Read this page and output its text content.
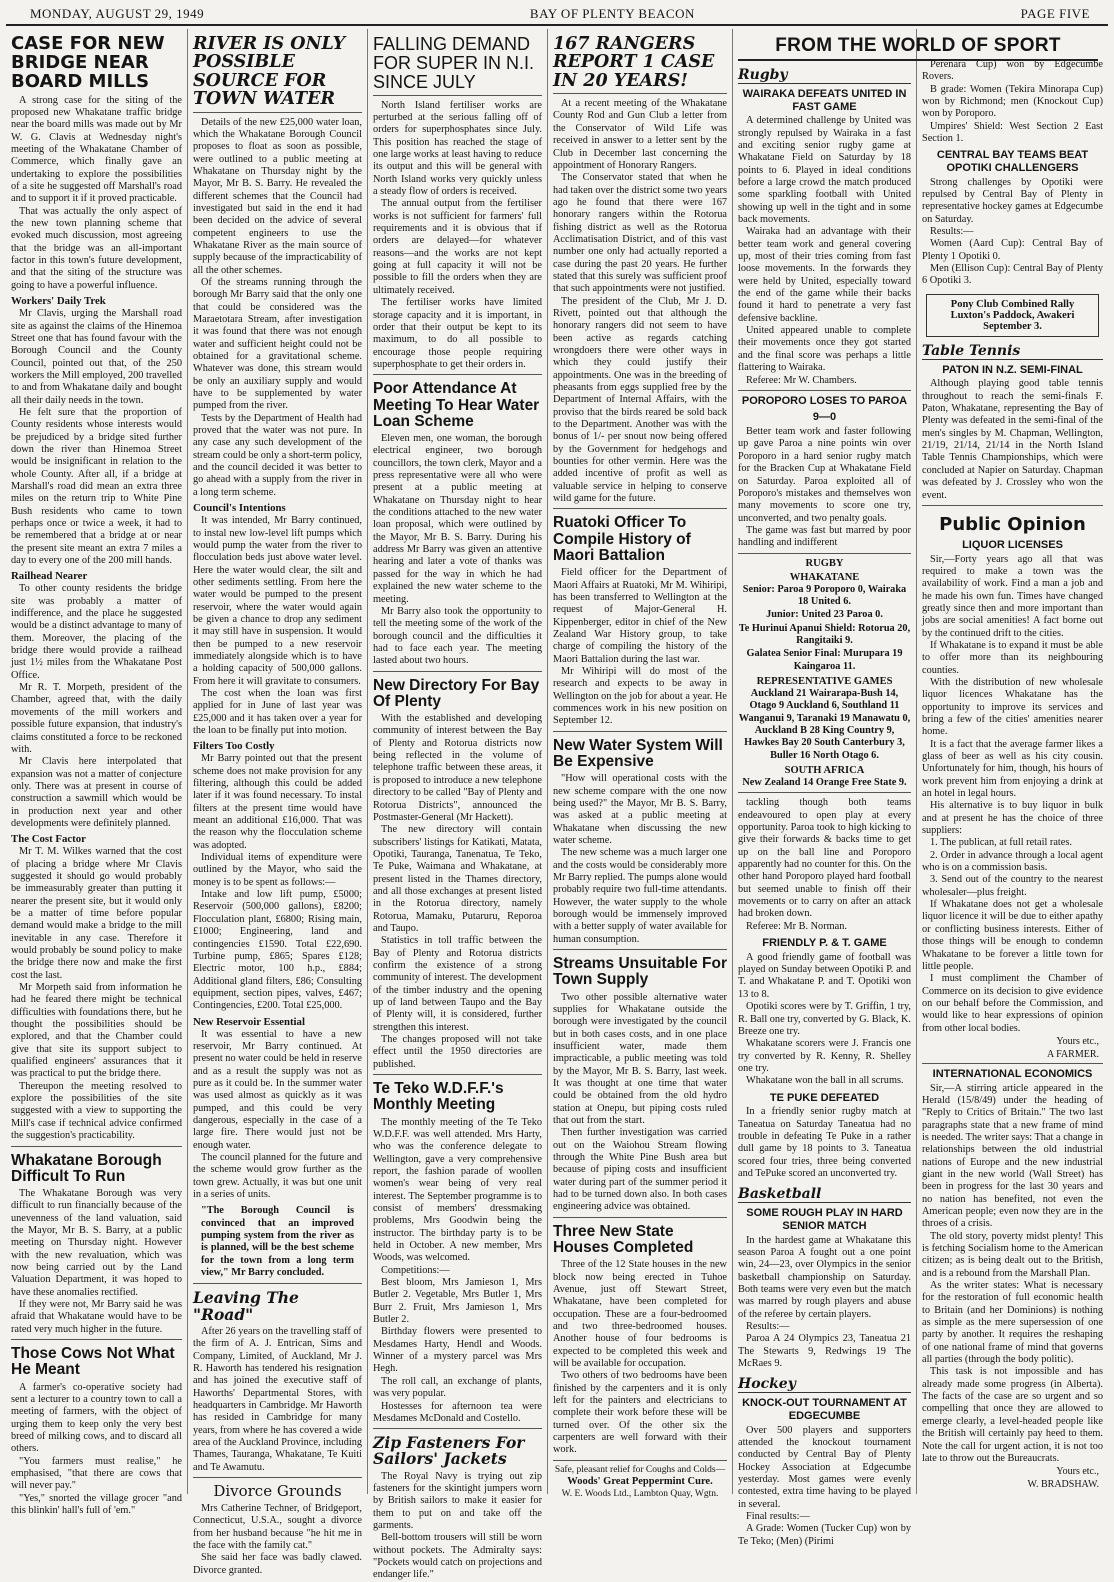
MONDAY, AUGUST 29, 1949	BAY OF PLENTY BEACON	PAGE FIVE
CASE FOR NEW BRIDGE NEAR BOARD MILLS

A strong case for the siting of the proposed new Whakatane traffic bridge near the board mills was made out by Mr W. G. Clavis at Wednesday night's meeting of the Whakatane Chamber of Commerce, which finally gave an undertaking to explore the possibilities of a site he suggested off Marshall's road and to support it if it proved practicable.

That was actually the only aspect of the new town planning scheme that evoked much discussion, most agreeing that the bridge was an all-important factor in this town's future development, and that the siting of the structure was going to have a powerful influence.

Workers' Daily Trek

Mr Clavis, urging the Marshall road site as against the claims of the Hinemoa Street one that has found favour with the Borough Council and the County Council, pointed out that, of the 250 workers the Mill employed, 200 travelled to and from Whakatane daily and bought all their daily needs in the town.

He felt sure that the proportion of County residents whose interests would be prejudiced by a bridge sited further down the river than Hinemoa Street would be insignificant in relation to the whole County. After all, if a bridge at Marshall's road did mean an extra three miles on the return trip to White Pine Bush residents who came to town perhaps once or twice a week, it had to be remembered that a bridge at or near the present site meant an extra 7 miles a day to every one of the 200 mill hands.

Railhead Nearer

To other county residents the bridge site was probably a matter of indifference, and the place he suggested would be a distinct advantage to many of them. Moreover, the placing of the bridge there would provide a railhead just 1½ miles from the Whakatane Post Office.

Mr R. T. Morpeth, president of the Chamber, agreed that, with the daily movements of the mill workers and possible future expansion, that industry's claims constituted a force to be reckoned with.

Mr Clavis here interpolated that expansion was not a matter of conjecture only. There was at present in course of construction a sawmill which would be in production next year and other developments were definitely planned.

The Cost Factor

Mr T. M. Wilkes warned that the cost of placing a bridge where Mr Clavis suggested it should go would probably be immeasurably greater than putting it nearer the present site, but it would only be a matter of time before popular demand would make a bridge to the mill inevitable in any case. Therefore it would probably be sound policy to make the bridge there now and make the first cost the last.

Mr Morpeth said from information he had he feared there might be technical difficulties with foundations there, but he thought the possibilities should be explored, and that the Chamber could give that site its support subject to qualified engineers' assurances that it was practical to put the bridge there.

Thereupon the meeting resolved to explore the possibilities of the site suggested with a view to supporting the Mill's case if technical advice confirmed the suggestion's practicability.

Whakatane Borough Difficult To Run

The Whakatane Borough was very difficult to run financially because of the unevenness of the land valuation, said the Mayor, Mr B. S. Barry, at a public meeting on Thursday night. However with the new revaluation, which was now being carried out by the Land Valuation Department, it was hoped to have these anomalies rectified.

If they were not, Mr Barry said he was afraid that Whakatane would have to be rated very much higher in the future.

Those Cows Not What He Meant

A farmer's co-operative society had sent a lecturer to a country town to call a meeting of farmers, with the object of urging them to keep only the very best breed of milking cows, and to discard all others.

"You farmers must realise," he emphasised, "that there are cows that will never pay."

"Yes," snorted the village grocer "and this blinkin' hall's full of 'em."

RIVER IS ONLY POSSIBLE SOURCE FOR TOWN WATER

Details of the new £25,000 water loan, which the Whakatane Borough Council proposes to float as soon as possible, were outlined to a public meeting at Whakatane on Thursday night by the Mayor, Mr B. S. Barry. He revealed the different schemes that the Council had investigated but said in the end it had been decided on the advice of several competent engineers to use the Whakatane River as the main source of supply because of the impracticability of all the other schemes.

Of the streams running through the borough Mr Barry said that the only one that could be considered was the Maraetotara Stream, after investigation it was found that there was not enough water and sufficient height could not be obtained for a gravitational scheme. Whatever was done, this stream would be only an auxiliary supply and would have to be supplemented by water pumped from the river.

Tests by the Department of Health had proved that the water was not pure. In any case any such development of the stream could be only a short-term policy, and the council decided it was better to go ahead with a supply from the river in a long term scheme.

Council's Intentions

It was intended, Mr Barry continued, to instal new low-level lift pumps which would pump the water from the river to flocculation beds just above water level. Here the water would clear, the silt and other sediments settling. From here the water would be pumped to the present reservoir, where the water would again be given a chance to drop any sediment it may still have in suspension. It would then be pumped to a new reservoir immediately alongside which is to have a holding capacity of 500,000 gallons. From here it will gravitate to consumers.

The cost when the loan was first applied for in June of last year was £25,000 and it has taken over a year for the loan to be finally put into motion.

Filters Too Costly

Mr Barry pointed out that the present scheme does not make provision for any filtering, although this could be added later if it was found necessary. To instal filters at the present time would have meant an additional £16,000. That was the reason why the flocculation scheme was adopted.

Individual items of expenditure were outlined by the Mayor, who said the money is to be spent as follows:—

Intake and low lift pump, £5000; Reservoir (500,000 gallons), £8200; Flocculation plant, £6800; Rising main, £1000; Engineering, land and contingencies £1590. Total £22,690. Turbine pump, £865; Spares £128; Electric motor, 100 h.p., £884; Additional gland filters, £86; Consulting equipment, section pipes, valves, £467; Contingencies, £200. Total £25,000.

New Reservoir Essential

It was essential to have a new reservoir, Mr Barry continued. At present no water could be held in reserve and as a result the supply was not as pure as it could be. In the summer water was used almost as quickly as it was pumped, and this could be very dangerous, especially in the case of a large fire. There would just not be enough water.

The council planned for the future and the scheme would grow further as the town grew. Actually, it was but one unit in a series of units.

"The Borough Council is convinced that an improved pumping system from the river as is planned, will be the best scheme for the town from a long term view," Mr Barry concluded.
Leaving The "Road"

After 26 years on the travelling staff of the firm of A. J. Entrican, Sims and Company, Limited, of Auckland, Mr J. R. Haworth has tendered his resignation and has joined the executive staff of Haworths' Departmental Stores, with headquarters in Cambridge. Mr Haworth has resided in Cambridge for many years, from where he has covered a wide area of the Auckland Province, including Thames, Tauranga, Whakatane, Te Kuiti and Te Awamutu.

Divorce Grounds

Mrs Catherine Techner, of Bridgeport, Connecticut, U.S.A., sought a divorce from her husband because "he hit me in the face with the family cat."

She said her face was badly clawed. Divorce granted.

FALLING DEMAND FOR SUPER IN N.I. SINCE JULY

North Island fertiliser works are perturbed at the serious falling off of orders for superphosphates since July. This position has reached the stage of one large works at least having to reduce its output and this will be general with North Island works very quickly unless a steady flow of orders is received.

The annual output from the fertiliser works is not sufficient for farmers' full requirements and it is obvious that if orders are delayed—for whatever reasons—and the works are not kept going at full capacity it will not be possible to fill the orders when they are ultimately received.

The fertiliser works have limited storage capacity and it is important, in order that their output be kept to its maximum, to do all possible to encourage those people requiring superphosphate to get their orders in.

Poor Attendance At Meeting To Hear Water Loan Scheme

Eleven men, one woman, the borough electrical engineer, two borough councillors, the town clerk, Mayor and a press representative were all who were present at a public meeting at Whakatane on Thursday night to hear the conditions attached to the new water loan proposal, which were outlined by the Mayor, Mr B. S. Barry. During his address Mr Barry was given an attentive hearing and later a vote of thanks was passed for the way in which he had explained the new water scheme to the meeting.

Mr Barry also took the opportunity to tell the meeting some of the work of the borough council and the difficulties it had to face each year. The meeting lasted about two hours.

New Directory For Bay Of Plenty

With the established and developing community of interest between the Bay of Plenty and Rotorua districts now being reflected in the volume of telephone traffic between these areas, it is proposed to introduce a new telephone directory to be called "Bay of Plenty and Rotorua Districts", announced the Postmaster-General (Mr Hackett).

The new directory will contain subscribers' listings for Katikati, Matata, Opotiki, Tauranga, Tanenatua, Te Teko, Te Puke, Waimana and Whakatane, at present listed in the Thames directory, and all those exchanges at present listed in the Rotorua directory, namely Rotorua, Mamaku, Putaruru, Reporoa and Taupo.

Statistics in toll traffic between the Bay of Plenty and Rotorua districts confirm the existence of a strong community of interest. The development of the timber industry and the opening up of land between Taupo and the Bay of Plenty will, it is considered, further strengthen this interest.

The changes proposed will not take effect until the 1950 directories are published.

Te Teko W.D.F.F.'s Monthly Meeting

The monthly meeting of the Te Teko W.D.F.F. was well attended. Mrs Harty, who was the conference delegate to Wellington, gave a very comprehensive report, the fashion parade of woollen women's wear being of very real interest. The September programme is to consist of members' dressmaking problems, Mrs Goodwin being the instructor. The birthday party is to be held in October. A new member, Mrs Woods, was welcomed.

Competitions:—

Best bloom, Mrs Jamieson 1, Mrs Butler 2. Vegetable, Mrs Butler 1, Mrs Burr 2. Fruit, Mrs Jamieson 1, Mrs Butler 2.

Birthday flowers were presented to Mesdames Harty, Hendl and Woods. Winner of a mystery parcel was Mrs Hegh.

The roll call, an exchange of plants, was very popular.

Hostesses for afternoon tea were Mesdames McDonald and Costello.

Zip Fasteners For Sailors' Jackets

The Royal Navy is trying out zip fasteners for the skintight jumpers worn by British sailors to make it easier for them to put on and take off the garments.

Bell-bottom trousers will still be worn without pockets. The Admiralty says: "Pockets would catch on projections and endanger life."

167 RANGERS REPORT 1 CASE IN 20 YEARS!

At a recent meeting of the Whakatane County Rod and Gun Club a letter from the Conservator of Wild Life was received in answer to a letter sent by the Club in December last concerning the appointment of Honorary Rangers.

The Conservator stated that when he had taken over the district some two years ago he found that there were 167 honorary rangers within the Rotorua fishing district as well as the Rotorua Acclimatisation District, and of this vast number one only had actually reported a case during the past 20 years. He further stated that this surely was sufficient proof that such appointments were not justified.

The president of the Club, Mr J. D. Rivett, pointed out that although the honorary rangers did not seem to have been active as regards catching wrongdoers there were other ways in which they could justify their appointments. One was in the breeding of pheasants from eggs supplied free by the Department of Internal Affairs, with the proviso that the birds reared be sold back to the Department. Another was with the bonus of 1/- per snout now being offered by the Government for hedgehogs and bounties for other vermin. Here was the added incentive of profit as well as valuable service in helping to conserve wild game for the future.

Ruatoki Officer To Compile History of Maori Battalion

Field officer for the Department of Maori Affairs at Ruatoki, Mr M. Wihiripi, has been transferred to Wellington at the request of Major-General H. Kippenberger, editor in chief of the New Zealand War History group, to take charge of compiling the history of the Maori Battalion during the last war.

Mr Wihiripi will do most of the research and expects to be away in Wellington on the job for about a year. He commences work in his new position on September 12.

New Water System Will Be Expensive

"How will operational costs with the new scheme compare with the one now being used?" the Mayor, Mr B. S. Barry, was asked at a public meeting at Whakatane when discussing the new water scheme.

The new scheme was a much larger one and the costs would be considerably more Mr Barry replied. The pumps alone would probably require two full-time attendants. However, the water supply to the whole borough would be immensely improved with a better supply of water available for human consumption.

Streams Unsuitable For Town Supply

Two other possible alternative water supplies for Whakatane outside the borough were investigated by the council but in both cases costs, and in one place insufficient water, made them impracticable, a public meeting was told by the Mayor, Mr B. S. Barry, last week. It was thought at one time that water could be obtained from the old hydro station at Onepu, but piping costs ruled that out from the start.

Then further investigation was carried out on the Waiohou Stream flowing through the White Pine Bush area but because of piping costs and insufficient water during part of the summer period it had to be turned down also. In both cases engineering advice was obtained.

Three New State Houses Completed

Three of the 12 State houses in the new block now being erected in Tuhoe Avenue, just off Stewart Street, Whakatane, have been completed for occupation. These are a four-bedroomed and two three-bedroomed houses. Another house of four bedrooms is expected to be completed this week and will be available for occupation.

Two others of two bedrooms have been finished by the carpenters and it is only left for the painters and electricians to complete their work before these will be turned over. Of the other six the carpenters are well forward with their work.

Safe, pleasant relief for Coughs and Colds—
Woods' Great Peppermint Cure.
W. E. Woods Ltd., Lambton Quay, Wgtn.
FROM THE WORLD OF SPORT
Rugby
WAIRAKA DEFEATS UNITED IN FAST GAME

A determined challenge by United was strongly repulsed by Wairaka in a fast and exciting senior rugby game at Whakatane Field on Saturday by 18 points to 6. Played in ideal conditions before a large crowd the match produced some sparkling football with United showing up well in the tight and in some back movements.

Wairaka had an advantage with their better team work and general covering up, most of their tries coming from fast loose movements. In the forwards they were held by United, especially toward the end of the game while their backs found it hard to penetrate a very fast defensive backline.

United appeared unable to complete their movements once they got started and the final score was perhaps a little flattering to Wairaka.

Referee: Mr W. Chambers.

POROPORO LOSES TO PAROA
9—0

Better team work and faster following up gave Paroa a nine points win over Poroporo in a hard senior rugby match for the Bracken Cup at Whakatane Field on Saturday. Paroa exploited all of Poroporo's mistakes and themselves won many movements to score one try, unconverted, and two penalty goals.

The game was fast but marred by poor handling and indifferent

RUGBY
WHAKATANE
Senior: Paroa 9 Poroporo 0, Wairaka 18 United 6.
Junior: United 23 Paroa 0.
Te Hurinui Apanui Shield: Rotorua 20, Rangitaiki 9.
Galatea Senior Final: Murupara 19 Kaingaroa 11.
REPRESENTATIVE GAMES
Auckland 21 Wairarapa-Bush 14, Otago 9 Auckland 6, Southland 11 Wanganui 9, Taranaki 19 Manawatu 0, Auckland B 28 King Country 9, Hawkes Bay 20 South Canterbury 3, Buller 16 North Otago 6.
SOUTH AFRICA
New Zealand 14 Orange Free State 9.

tackling though both teams endeavoured to open play at every opportunity. Paroa took to high kicking to give their forwards & backs time to get up on the ball line and Poroporo apparently had no counter for this. On the other hand Poroporo played hard football but seemed unable to finish off their movements or to carry on after an attack had broken down.

Referee: Mr B. Norman.

FRIENDLY P. & T. GAME

A good friendly game of football was played on Sunday between Opotiki P. and T. and Whakatane P. and T. Opotiki won 13 to 8.

Opotiki scores were by T. Griffin, 1 try, R. Ball one try, converted by G. Black, K. Breeze one try.

Whakatane scorers were J. Francis one try converted by R. Kenny, R. Shelley one try.

Whakatane won the ball in all scrums.

TE PUKE DEFEATED

In a friendly senior rugby match at Taneatua on Saturday Taneatua had no trouble in defeating Te Puke in a rather dull game by 18 points to 3. Taneatua scored four tries, three being converted and TePuke scored an unconverted try.

Basketball
SOME ROUGH PLAY IN HARD SENIOR MATCH

In the hardest game at Whakatane this season Paroa A fought out a one point win, 24—23, over Olympics in the senior basketball championship on Saturday. Both teams were very even but the match was marred by rough players and abuse of the referee by certain players.

Results:—

Paroa A 24 Olympics 23, Taneatua 21 The Stewarts 9, Redwings 19 The McRaes 9.

Hockey
KNOCK-OUT TOURNAMENT AT EDGECUMBE

Over 500 players and supporters attended the knockout tournament conducted by Central Bay of Plenty Hockey Association at Edgecumbe yesterday. Most games were evenly contested, extra time having to be played in several.

Final results:—

A Grade: Women (Tucker Cup) won by Te Teko; (Men) (Pirimi

Perenara Cup) won by Edgecumbe Rovers.

B grade: Women (Tekira Minorapa Cup) won by Richmond; men (Knockout Cup) won by Poroporo.

Umpires' Shield: West Section 2 East Section 1.

CENTRAL BAY TEAMS BEAT OPOTIKI CHALLENGERS

Strong challenges by Opotiki were repulsed by Central Bay of Plenty in representative hockey games at Edgecumbe on Saturday.

Results:—

Women (Aard Cup): Central Bay of Plenty 1 Opotiki 0.

Men (Ellison Cup): Central Bay of Plenty 6 Opotiki 3.

Pony Club Combined Rally
Luxton's Paddock, Awakeri
September 3.
Table Tennis
PATON IN N.Z. SEMI-FINAL

Although playing good table tennis throughout to reach the semi-finals F. Paton, Whakatane, representing the Bay of Plenty was defeated in the semi-final of the men's singles by M. Chapman, Wellington, 21/19, 21/14, 21/14 in the North Island Table Tennis Championships, which were concluded at Napier on Saturday. Chapman was defeated by J. Crossley who won the event.

Public Opinion
LIQUOR LICENSES

Sir,—Forty years ago all that was required to make a town was the availability of work. Find a man a job and he made his own fun. Times have changed greatly since then and more important than jobs are social amenities! A fact borne out by the continued drift to the cities.

If Whakatane is to expand it must be able to offer more than its neighbouring counties.

With the distribution of new wholesale liquor licences Whakatane has the opportunity to improve its services and bring a few of the cities' amenities nearer home.

It is a fact that the average farmer likes a glass of beer as well as his city cousin. Unfortunately for him, though, his hours of work prevent him from enjoying a drink at an hotel in legal hours.

His alternative is to buy liquor in bulk and at present he has the choice of three suppliers:

1. The publican, at full retail rates.

2. Order in advance through a local agent who is on a commission basis.

3. Send out of the country to the nearest wholesaler—plus freight.

If Whakatane does not get a wholesale liquor licence it will be due to either apathy or conflicting business interests. Either of those things will be enough to condemn Whakatane to be forever a little town for little people.

I must compliment the Chamber of Commerce on its decision to give evidence on our behalf before the Commission, and would like to hear expressions of opinion from other local bodies.

Yours etc.,
A FARMER.
INTERNATIONAL ECONOMICS

Sir,—A stirring article appeared in the Herald (15/8/49) under the heading of "Reply to Critics of Britain." The two last paragraphs state that a new frame of mind is needed. The writer says: That a change in relationships between the old industrial nations of Europe and the new industrial giant in the new world (Wall Street) has been in progress for the last 30 years and no nation has benefited, not even the American people; even now they are in the throes of a crisis.

The old story, poverty midst plenty! This is fetching Socialism home to the American citizen; as is being dealt out to the British, and is a rebound from the Marshall Plan.

As the writer states: What is necessary for the restoration of full economic health to Britain (and her Dominions) is nothing as simple as the mere supersession of one party by another. It requires the reshaping of one national frame of mind that governs all parties (through the body politic).

This task is not impossible and has already made some progress (in Alberta). The facts of the case are so urgent and so compelling that once they are allowed to emerge clearly, a level-headed people like the British will certainly pay heed to them. Note the call for urgent action, it is not too late to throw out the Bureaucrats.

Yours etc.,
W. BRADSHAW.
